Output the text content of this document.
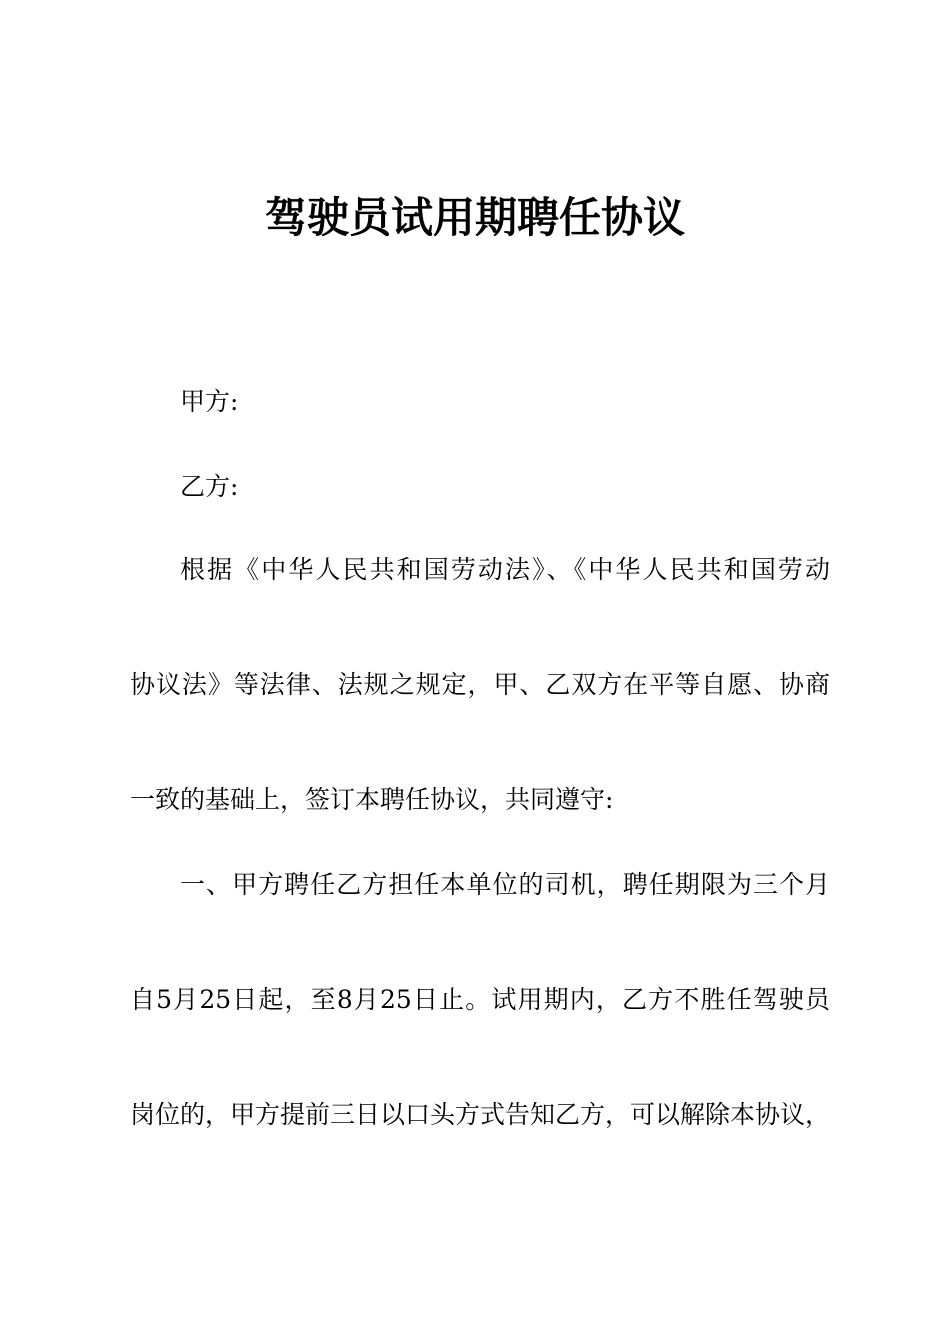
驾驶员试用期聘任协议

甲方:

乙方:

根据《中华人民共和国劳动法》、《中华人民共和国劳动

协议法》等法律、法规之规定，甲、乙双方在平等自愿、协商

一致的基础上，签订本聘任协议，共同遵守:

一、甲方聘任乙方担任本单位的司机，聘任期限为三个月

自5月25日起，至8月25日止。试用期内，乙方不胜任驾驶员

岗位的，甲方提前三日以口头方式告知乙方，可以解除本协议，
